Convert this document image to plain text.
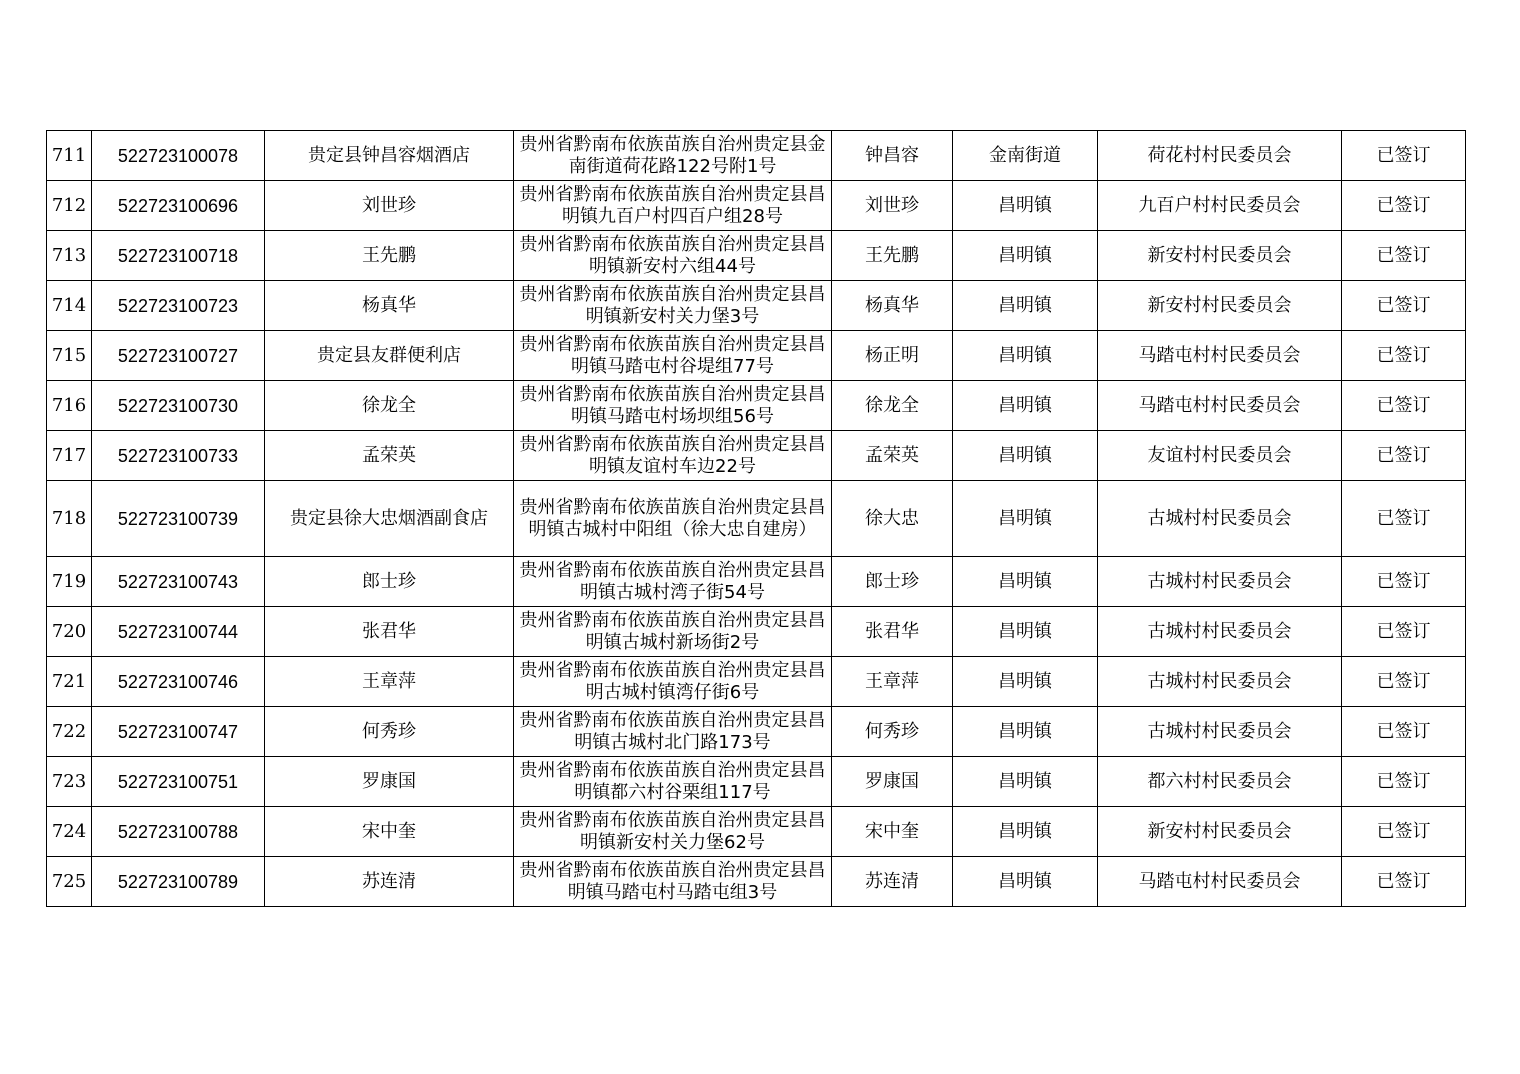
711	522723100078	贵定县钟昌容烟酒店	贵州省黔南布依族苗族自治州贵定县金南街道荷花路122号附1号	钟昌容	金南街道	荷花村村民委员会	已签订
712	522723100696	刘世珍	贵州省黔南布依族苗族自治州贵定县昌明镇九百户村四百户组28号	刘世珍	昌明镇	九百户村村民委员会	已签订
713	522723100718	王先鹏	贵州省黔南布依族苗族自治州贵定县昌明镇新安村六组44号	王先鹏	昌明镇	新安村村民委员会	已签订
714	522723100723	杨真华	贵州省黔南布依族苗族自治州贵定县昌明镇新安村关力堡3号	杨真华	昌明镇	新安村村民委员会	已签订
715	522723100727	贵定县友群便利店	贵州省黔南布依族苗族自治州贵定县昌明镇马踏屯村谷堤组77号	杨正明	昌明镇	马踏屯村村民委员会	已签订
716	522723100730	徐龙全	贵州省黔南布依族苗族自治州贵定县昌明镇马踏屯村场坝组56号	徐龙全	昌明镇	马踏屯村村民委员会	已签订
717	522723100733	孟荣英	贵州省黔南布依族苗族自治州贵定县昌明镇友谊村车边22号	孟荣英	昌明镇	友谊村村民委员会	已签订
718	522723100739	贵定县徐大忠烟酒副食店	贵州省黔南布依族苗族自治州贵定县昌明镇古城村中阳组（徐大忠自建房）	徐大忠	昌明镇	古城村村民委员会	已签订
719	522723100743	郎士珍	贵州省黔南布依族苗族自治州贵定县昌明镇古城村湾子街54号	郎士珍	昌明镇	古城村村民委员会	已签订
720	522723100744	张君华	贵州省黔南布依族苗族自治州贵定县昌明镇古城村新场街2号	张君华	昌明镇	古城村村民委员会	已签订
721	522723100746	王章萍	贵州省黔南布依族苗族自治州贵定县昌明古城村镇湾仔街6号	王章萍	昌明镇	古城村村民委员会	已签订
722	522723100747	何秀珍	贵州省黔南布依族苗族自治州贵定县昌明镇古城村北门路173号	何秀珍	昌明镇	古城村村民委员会	已签订
723	522723100751	罗康国	贵州省黔南布依族苗族自治州贵定县昌明镇都六村谷栗组117号	罗康国	昌明镇	都六村村民委员会	已签订
724	522723100788	宋中奎	贵州省黔南布依族苗族自治州贵定县昌明镇新安村关力堡62号	宋中奎	昌明镇	新安村村民委员会	已签订
725	522723100789	苏连清	贵州省黔南布依族苗族自治州贵定县昌明镇马踏屯村马踏屯组3号	苏连清	昌明镇	马踏屯村村民委员会	已签订
